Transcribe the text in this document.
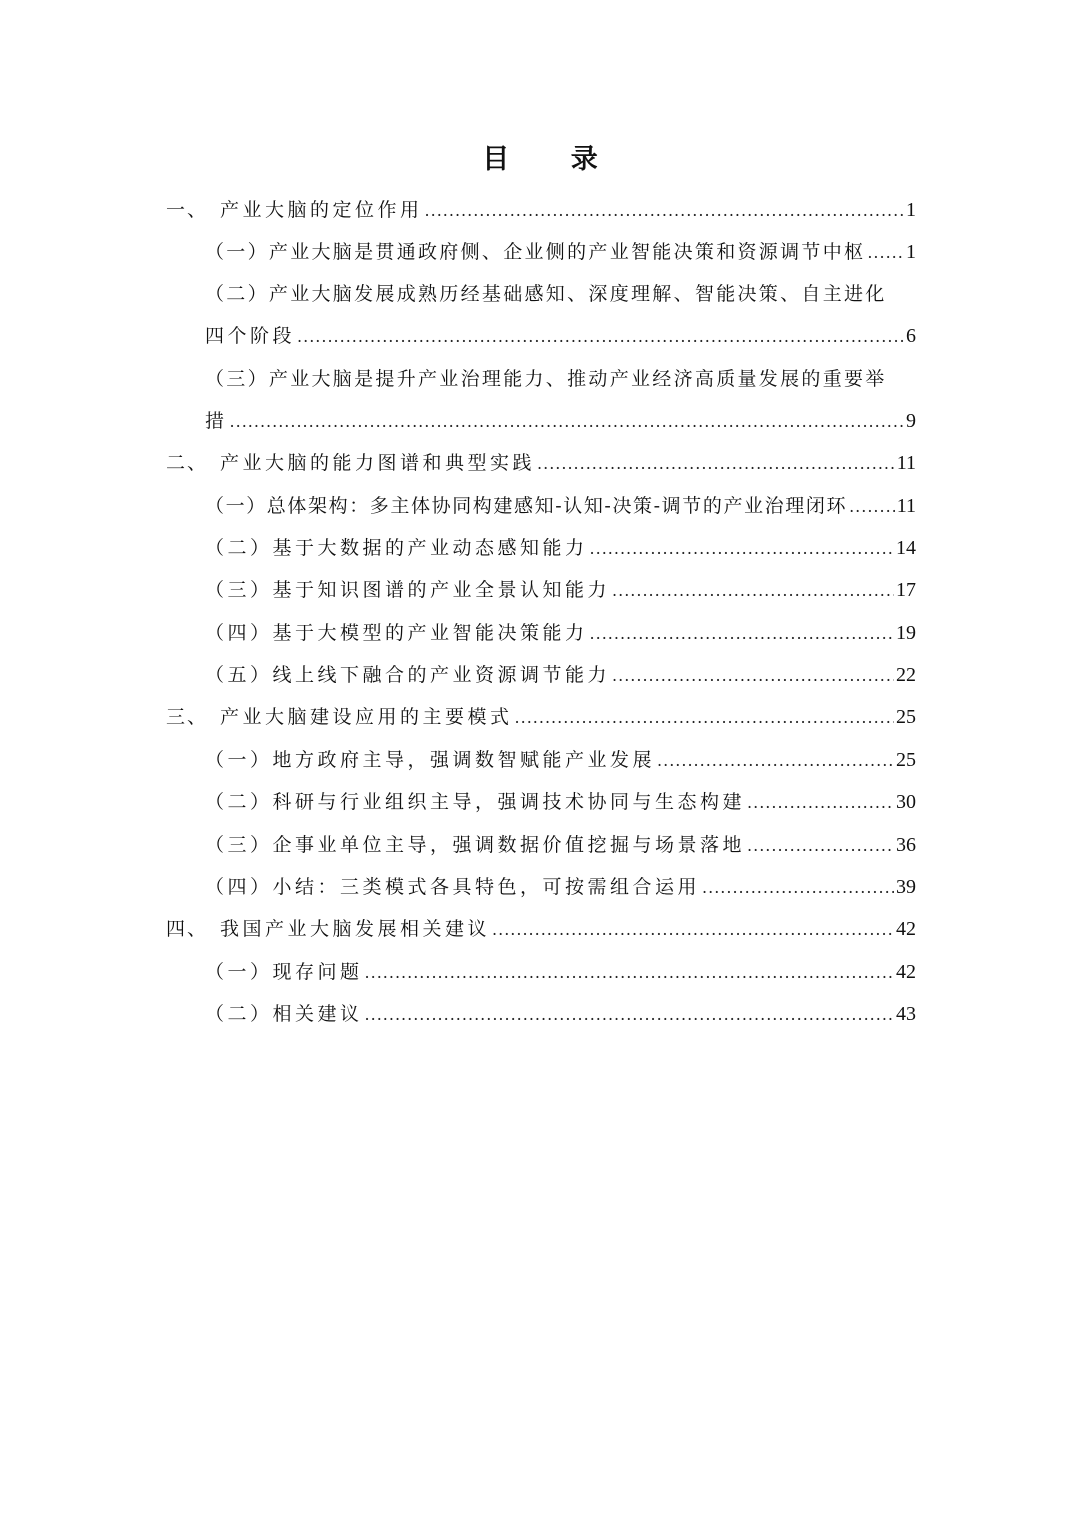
目 录
一、 产业大脑的定位作用 .....	1
（一）产业大脑是贯通政府侧、企业侧的产业智能决策和资源调节中枢 ..... 1
（二）产业大脑发展成熟历经基础感知、深度理解、智能决策、自主进化
四个阶段 .....	6
（三）产业大脑是提升产业治理能力、推动产业经济高质量发展的重要举
措 .....	9
二、 产业大脑的能力图谱和典型实践 .....	11
（一）总体架构：多主体协同构建感知-认知-决策-调节的产业治理闭环 ..... 11
（二）基于大数据的产业动态感知能力 .....	14
（三）基于知识图谱的产业全景认知能力 .....	17
（四）基于大模型的产业智能决策能力 .....	19
（五）线上线下融合的产业资源调节能力 .....	22
三、 产业大脑建设应用的主要模式 .....	25
（一）地方政府主导，强调数智赋能产业发展 .....	25
（二）科研与行业组织主导，强调技术协同与生态构建 .....	30
（三）企事业单位主导，强调数据价值挖掘与场景落地 .....	36
（四）小结：三类模式各具特色，可按需组合运用 .....	39
四、 我国产业大脑发展相关建议 .....	42
（一）现存问题 .....	42
（二）相关建议 .....	43
